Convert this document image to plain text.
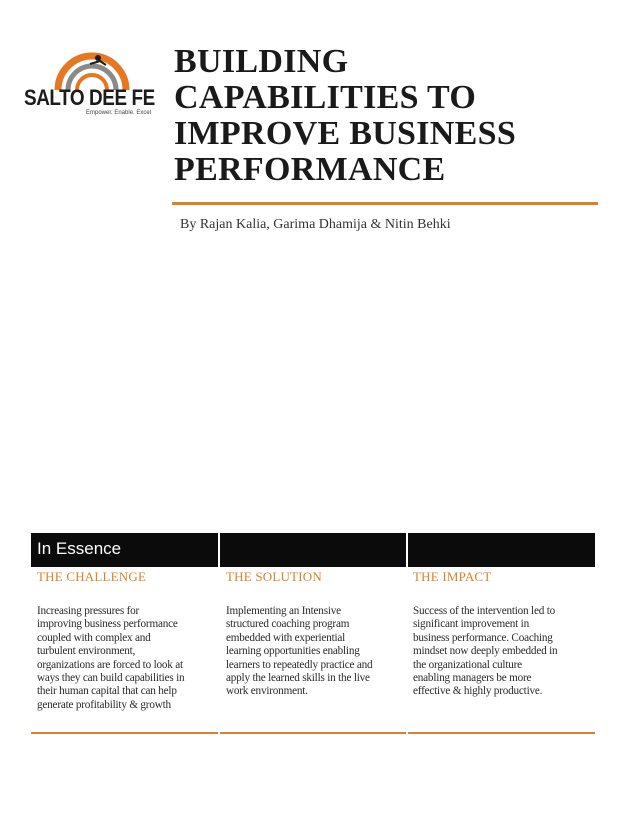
SALTO DEE FE
Empower. Enable. Excel
BUILDING
CAPABILITIES TO
IMPROVE BUSINESS
PERFORMANCE
By Rajan Kalia, Garima Dhamija & Nitin Behki
In Essence

THE CHALLENGE

Increasing pressures for
improving business performance
coupled with complex and
turbulent environment,
organizations are forced to look at
ways they can build capabilities in
their human capital that can help
generate profitability & growth

THE SOLUTION

Implementing an Intensive
structured coaching program
embedded with experiential
learning opportunities enabling
learners to repeatedly practice and
apply the learned skills in the live
work environment.

THE IMPACT

Success of the intervention led to
significant improvement in
business performance. Coaching
mindset now deeply embedded in
the organizational culture
enabling managers be more
effective & highly productive.
